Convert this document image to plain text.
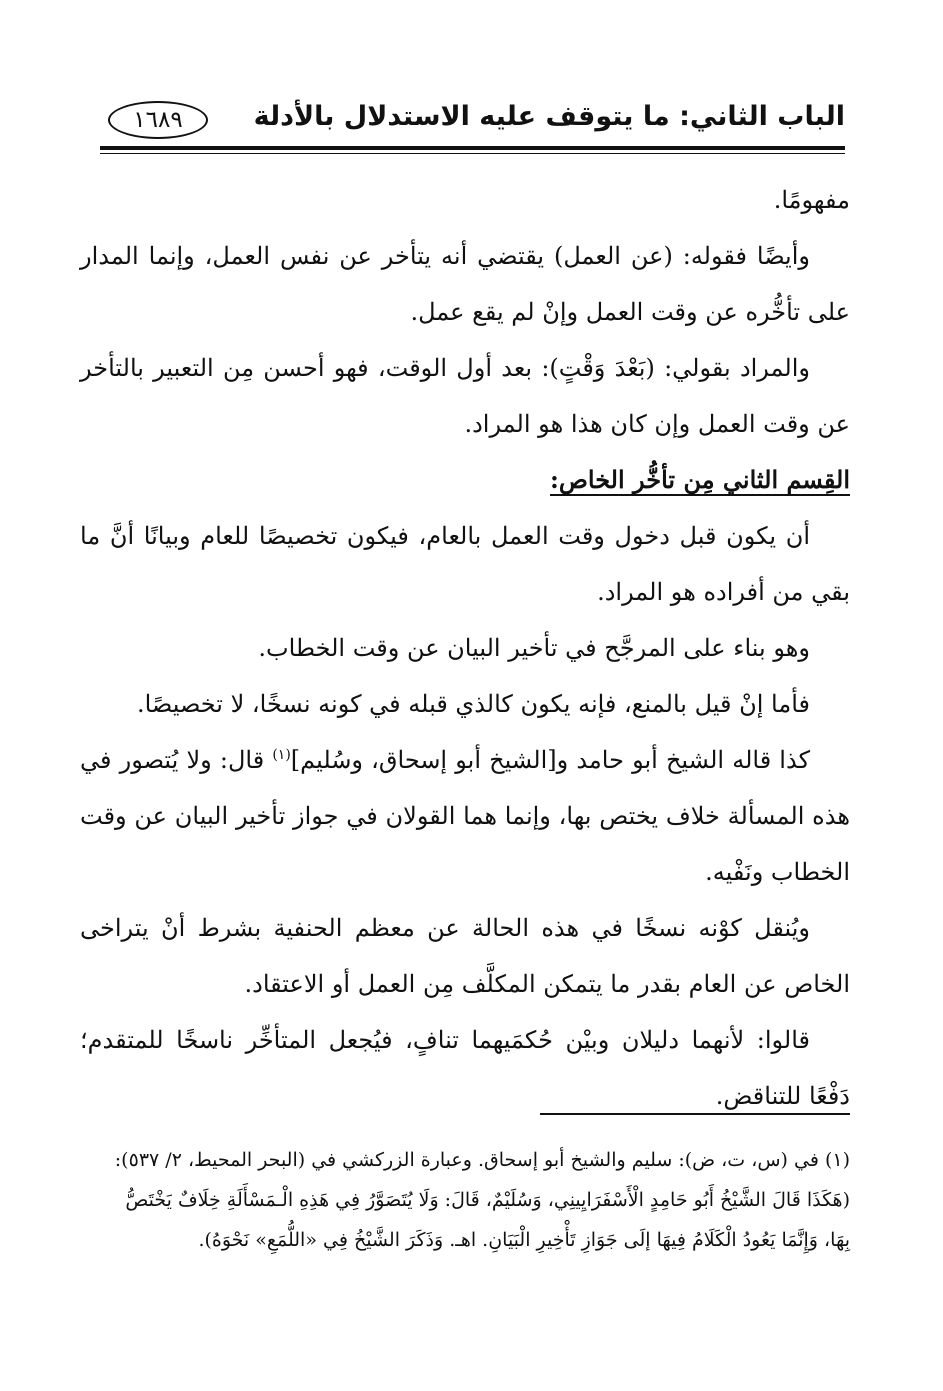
الباب الثاني: ما يتوقف عليه الاستدلال بالأدلة
١٦٨٩

مفهومًا.

وأيضًا فقوله: (عن العمل) يقتضي أنه يتأخر عن نفس العمل، وإنما المدار على تأخُّره عن وقت العمل وإنْ لم يقع عمل.

والمراد بقولي: (بَعْدَ وَقْتٍ): بعد أول الوقت، فهو أحسن مِن التعبير بالتأخر عن وقت العمل وإن كان هذا هو المراد.

القِسم الثاني مِن تأخُّر الخاص:

أن يكون قبل دخول وقت العمل بالعام، فيكون تخصيصًا للعام وبيانًا أنَّ ما بقي من أفراده هو المراد.

وهو بناء على المرجَّح في تأخير البيان عن وقت الخطاب.

فأما إنْ قيل بالمنع، فإنه يكون كالذي قبله في كونه نسخًا، لا تخصيصًا.

كذا قاله الشيخ أبو حامد و[الشيخ أبو إسحاق، وسُليم]$^{(١)}$ قال: ولا يُتصور في هذه المسألة خلاف يختص بها، وإنما هما القولان في جواز تأخير البيان عن وقت الخطاب ونَفْيه.

ويُنقل كوْنه نسخًا في هذه الحالة عن معظم الحنفية بشرط أنْ يتراخى الخاص عن العام بقدر ما يتمكن المكلَّف مِن العمل أو الاعتقاد.

قالوا: لأنهما دليلان وبيْن حُكمَيهما تنافٍ، فيُجعل المتأخِّر ناسخًا للمتقدم؛ دَفْعًا للتناقض.

(١) في (س، ت، ض): سليم والشيخ أبو إسحاق. وعبارة الزركشي في (البحر المحيط، ٢/ ٥٣٧):

(هَكَذَا قَالَ الشَّيْخُ أَبُو حَامِدٍ الْأَسْفَرَايِينِي، وَسُلَيْمٌ، قَالَ: وَلَا يُتَصَوَّرُ فِي هَذِهِ الْـمَسْأَلَةِ خِلَافٌ يَخْتَصُّ

بِهَا، وَإِنَّمَا يَعُودُ الْكَلَامُ فِيهَا إلَى جَوَازِ تَأْخِيرِ الْبَيَانِ. اهـ. وَذَكَرَ الشَّيْخُ فِي «اللُّمَعِ» نَحْوَهُ).
